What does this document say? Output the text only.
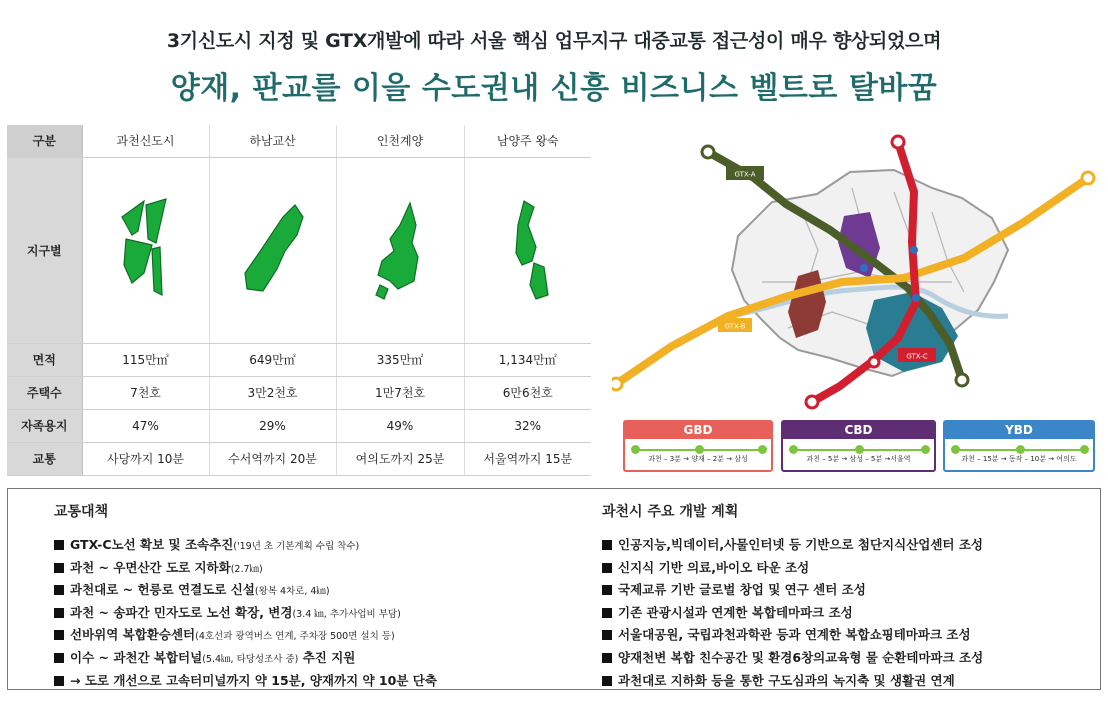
3기신도시 지정 및 GTX개발에 따라 서울 핵심 업무지구 대중교통 접근성이 매우 향상되었으며
양재, 판교를 이을 수도권내 신흥 비즈니스 벨트로 탈바꿈
구분	과천신도시	하남교산	인천계양	남양주 왕숙
지구별	

면적	115만㎡	649만㎡	335만㎡	1,134만㎡
주택수	7천호	3만2천호	1만7천호	6만6천호
자족용지	47%	29%	49%	32%
교통	사당까지 10분	수서역까지 20분	여의도까지 25분	서울역까지 15분
GTX-A
GTX-B
GTX-C
GBD
과천 – 3분 → 양재 – 2분 → 삼성
CBD
과천 – 5분 → 삼성 – 5분 →서울역
YBD
과천 – 15분 → 동작 – 10분 → 여의도
교통대책
GTX-C노선 확보 및 조속추진('19년 초 기본계획 수립 착수)
과천 ~ 우면산간 도로 지하화(2.7㎞)
과천대로 ~ 헌릉로 연결도로 신설(왕복 4차로, 4㎞)
과천 ~ 송파간 민자도로 노선 확장, 변경(3.4 ㎞, 추가사업비 부담)
선바위역 복합환승센터(4호선과 광역버스 연계, 주차장 500면 설치 등)
이수 ~ 과천간 복합터널(5.4㎞, 타당성조사 중) 추진 지원
→ 도로 개선으로 고속터미널까지 약 15분, 양재까지 약 10분 단축
과천시 주요 개발 계획
인공지능,빅데이터,사물인터넷 등 기반으로 첨단지식산업센터 조성
신지식 기반 의료,바이오 타운 조성
국제교류 기반 글로벌 창업 및 연구 센터 조성
기존 관광시설과 연계한 복합테마파크 조성
서울대공원, 국립과천과학관 등과 연계한 복합쇼핑테마파크 조성
양재천변 복합 친수공간 및 환경6창의교육형 물 순환테마파크 조성
과천대로 지하화 등을 통한 구도심과의 녹지축 및 생활권 연계
